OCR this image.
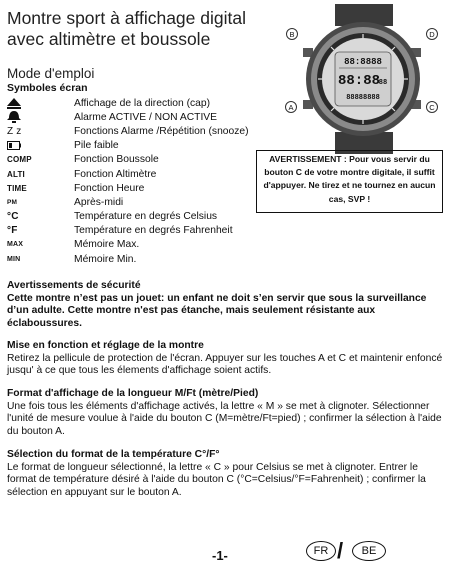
Montre sport à affichage digital
avec altimètre et boussole
88:8888
88:88
88
88888888
B	D
A	C
Mode d'emploi
Symboles écran
Affichage de la direction (cap)
Alarme ACTIVE / NON ACTIVE
Z z	Fonctions Alarme /Répétition (snooze)
Pile faible
COMP	Fonction Boussole
ALTI	Fonction Altimètre
TIME	Fonction Heure
PM	Après-midi
°C	Température en degrés Celsius
°F	Température en degrés Fahrenheit
MAX	Mémoire Max.
MIN	Mémoire Min.
AVERTISSEMENT : Pour vous servir du bouton C de votre montre digitale, il suffit d'appuyer. Ne tirez et ne tournez en aucun cas, SVP !
Avertissements de sécurité
Cette montre n’est pas un jouet: un enfant ne doit s’en servir que sous la surveillance d’un adulte. Cette montre n'est pas étanche, mais seulement résistante aux éclaboussures.
Mise en fonction et réglage de la montre
Retirez la pellicule de protection de l'écran. Appuyer sur les touches A et C et maintenir enfoncé jusqu' à ce que tous les élements d'affichage soient actifs.
Format d'affichage de la longueur M/Ft (mètre/Pied)
Une fois tous les éléments d'affichage activés, la lettre « M » se met à clignoter. Sélectionner l'unité de mesure voulue à l'aide du bouton C (M=mètre/Ft=pied) ; confirmer la sélection à l'aide du bouton A.
Sélection du format de la température C°/F°
Le format de longueur sélectionné, la lettre « C » pour Celsius se met à clignoter. Entrer le format de température désiré à l'aide du bouton C (°C=Celsius/°F=Fahrenheit) ; confirmer la sélection en appuyant sur le bouton A.
-1-	FR /	BE
